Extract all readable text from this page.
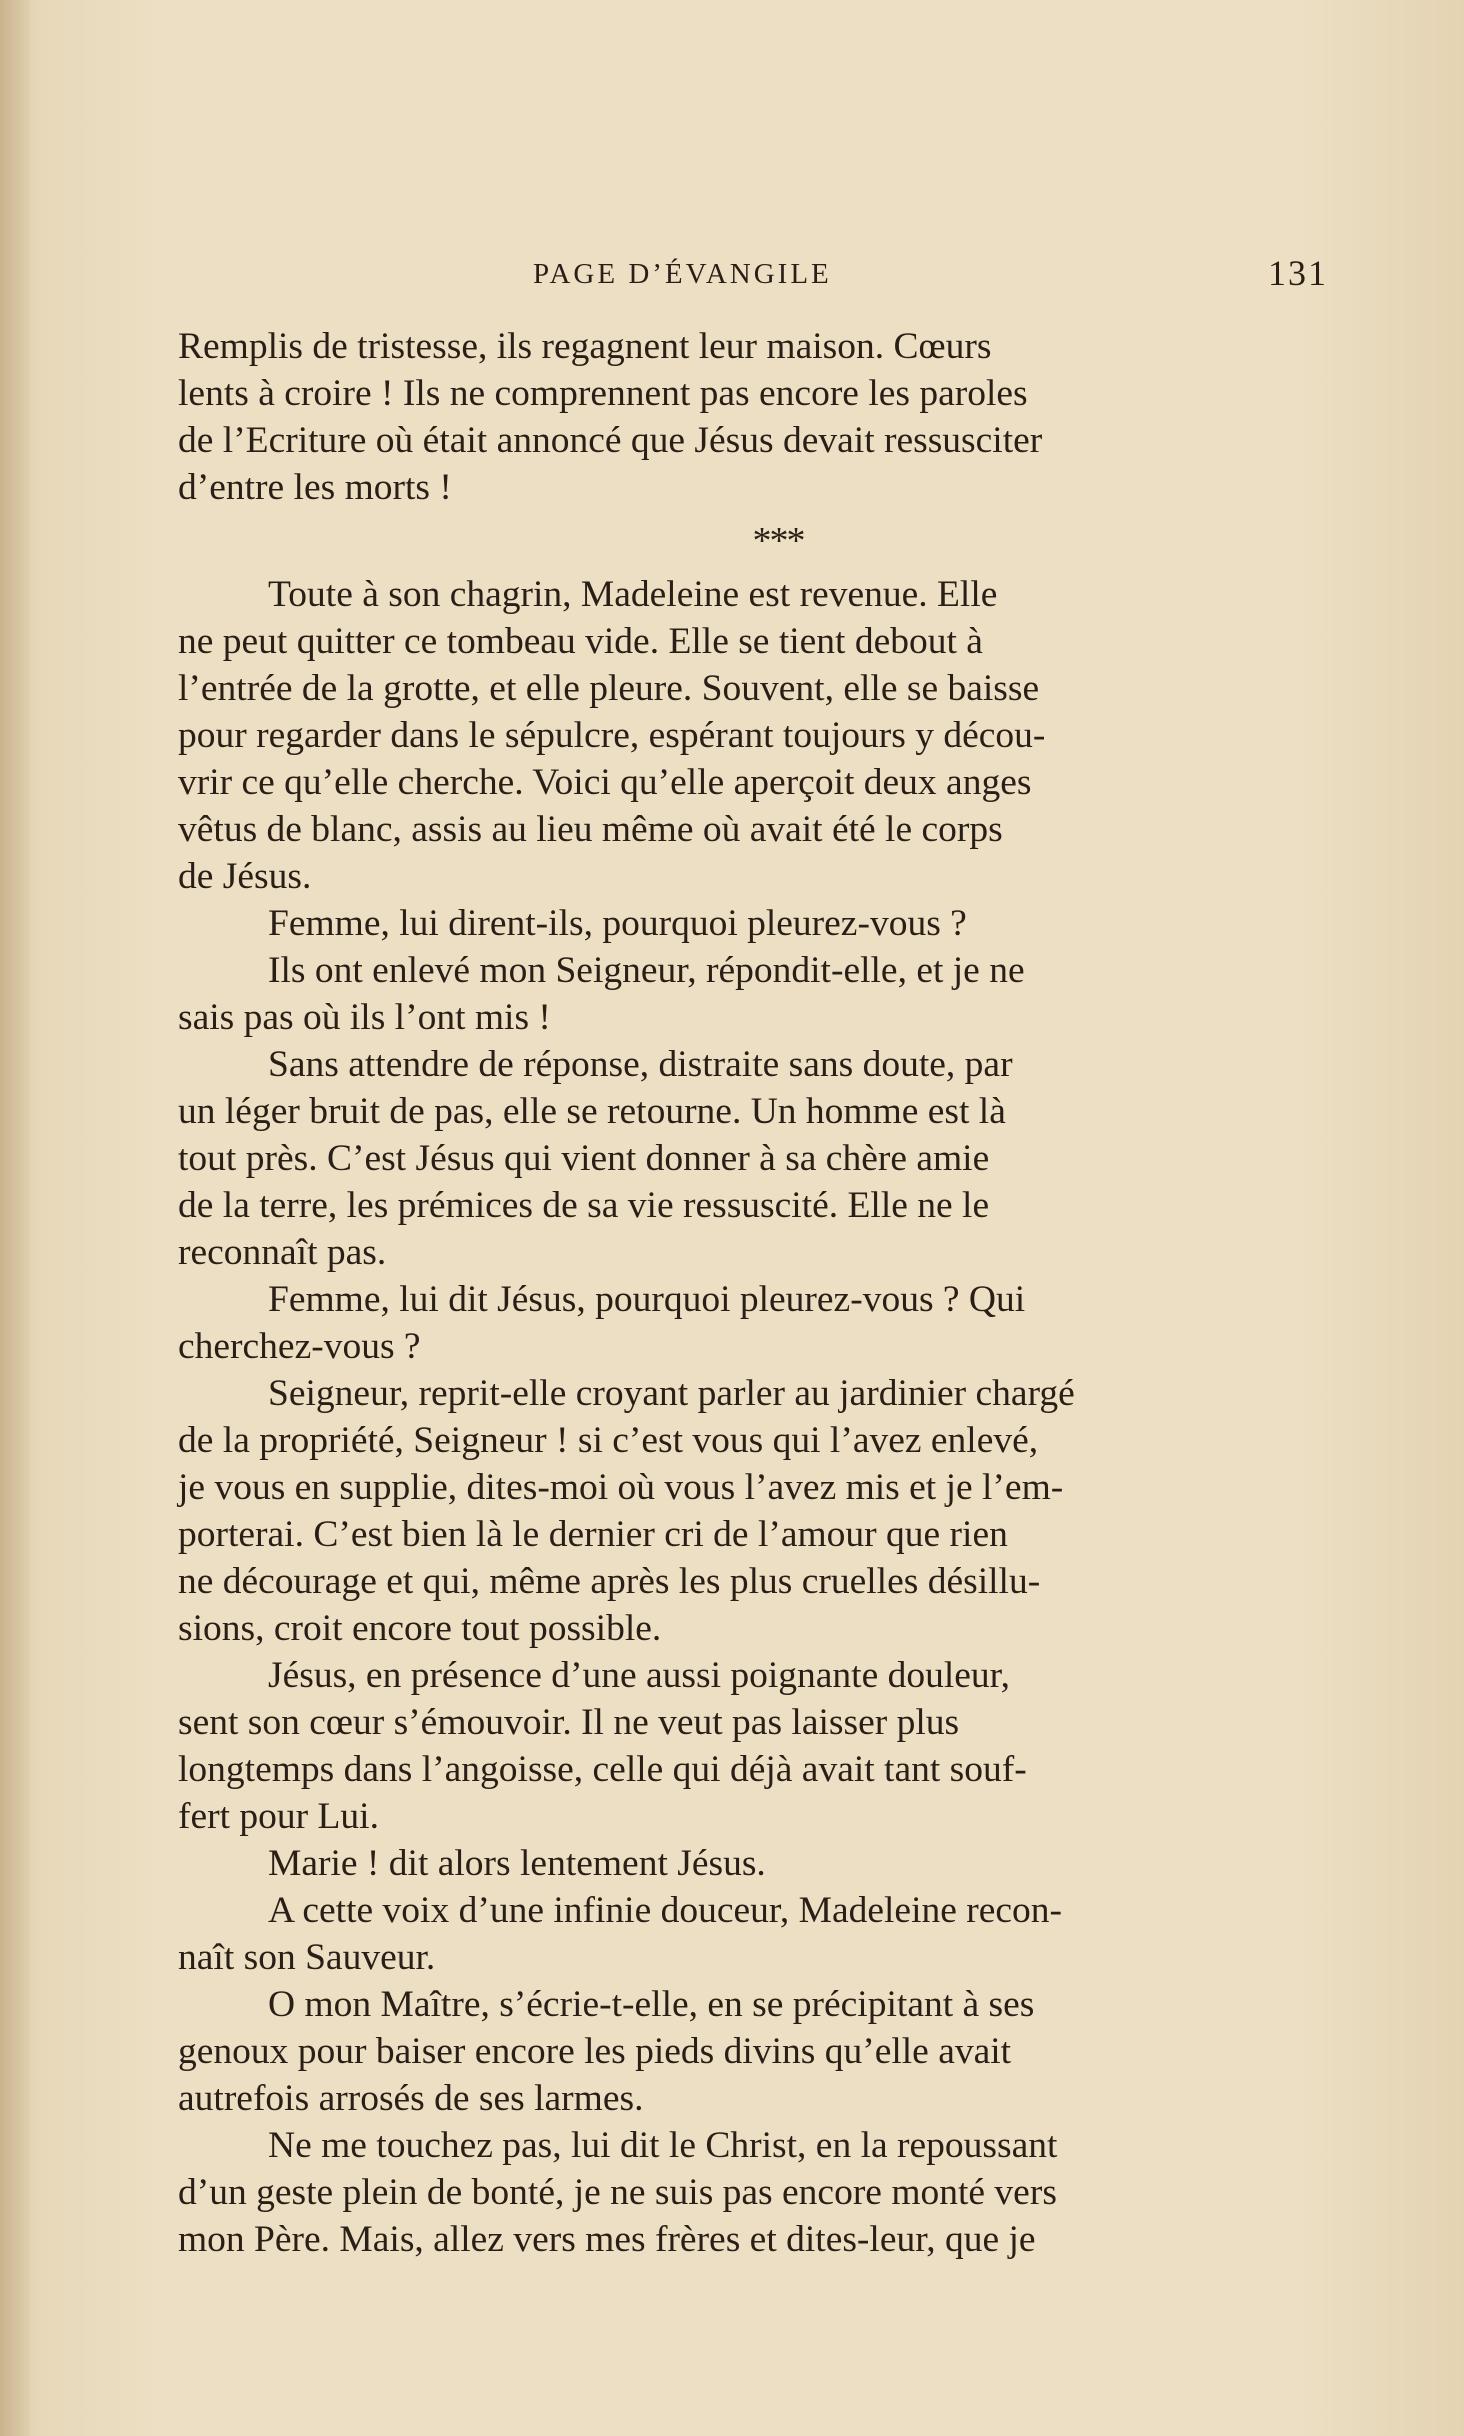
PAGE D’ÉVANGILE	131
Remplis de tristesse, ils regagnent leur maison. Cœurs
lents à croire ! Ils ne comprennent pas encore les paroles
de l’Ecriture où était annoncé que Jésus devait ressusciter
d’entre les morts !
***
Toute à son chagrin, Madeleine est revenue. Elle
ne peut quitter ce tombeau vide. Elle se tient debout à
l’entrée de la grotte, et elle pleure. Souvent, elle se baisse
pour regarder dans le sépulcre, espérant toujours y décou-
vrir ce qu’elle cherche. Voici qu’elle aperçoit deux anges
vêtus de blanc, assis au lieu même où avait été le corps
de Jésus.
Femme, lui dirent-ils, pourquoi pleurez-vous ?
Ils ont enlevé mon Seigneur, répondit-elle, et je ne
sais pas où ils l’ont mis !
Sans attendre de réponse, distraite sans doute, par
un léger bruit de pas, elle se retourne. Un homme est là
tout près. C’est Jésus qui vient donner à sa chère amie
de la terre, les prémices de sa vie ressuscité. Elle ne le
reconnaît pas.
Femme, lui dit Jésus, pourquoi pleurez-vous ? Qui
cherchez-vous ?
Seigneur, reprit-elle croyant parler au jardinier chargé
de la propriété, Seigneur ! si c’est vous qui l’avez enlevé,
je vous en supplie, dites-moi où vous l’avez mis et je l’em-
porterai. C’est bien là le dernier cri de l’amour que rien
ne décourage et qui, même après les plus cruelles désillu-
sions, croit encore tout possible.
Jésus, en présence d’une aussi poignante douleur,
sent son cœur s’émouvoir. Il ne veut pas laisser plus
longtemps dans l’angoisse, celle qui déjà avait tant souf-
fert pour Lui.
Marie ! dit alors lentement Jésus.
A cette voix d’une infinie douceur, Madeleine recon-
naît son Sauveur.
O mon Maître, s’écrie-t-elle, en se précipitant à ses
genoux pour baiser encore les pieds divins qu’elle avait
autrefois arrosés de ses larmes.
Ne me touchez pas, lui dit le Christ, en la repoussant
d’un geste plein de bonté, je ne suis pas encore monté vers
mon Père. Mais, allez vers mes frères et dites-leur, que je
